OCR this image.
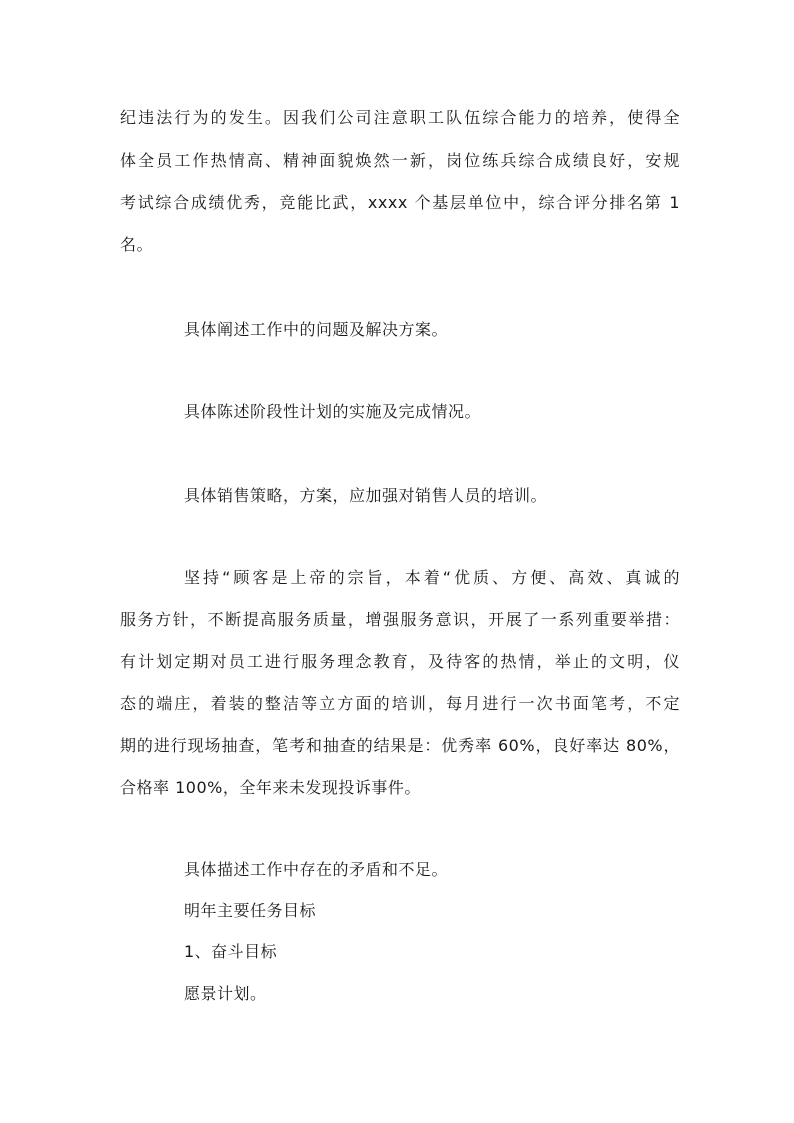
纪违法行为的发生。因我们公司注意职工队伍综合能力的培养，使得全
体全员工作热情高、精神面貌焕然一新，岗位练兵综合成绩良好，安规
考试综合成绩优秀，竞能比武，xxxx 个基层单位中，综合评分排名第 1
名。
具体阐述工作中的问题及解决方案。
具体陈述阶段性计划的实施及完成情况。
具体销售策略，方案，应加强对销售人员的培训。
坚持“顾客是上帝的宗旨，本着“优质、方便、高效、真诚的
服务方针，不断提高服务质量，增强服务意识，开展了一系列重要举措：
有计划定期对员工进行服务理念教育，及待客的热情，举止的文明，仪
态的端庄，着装的整洁等立方面的培训，每月进行一次书面笔考，不定
期的进行现场抽查，笔考和抽查的结果是：优秀率 60%，良好率达 80%，
合格率 100%，全年来未发现投诉事件。
具体描述工作中存在的矛盾和不足。
明年主要任务目标
1、奋斗目标
愿景计划。
